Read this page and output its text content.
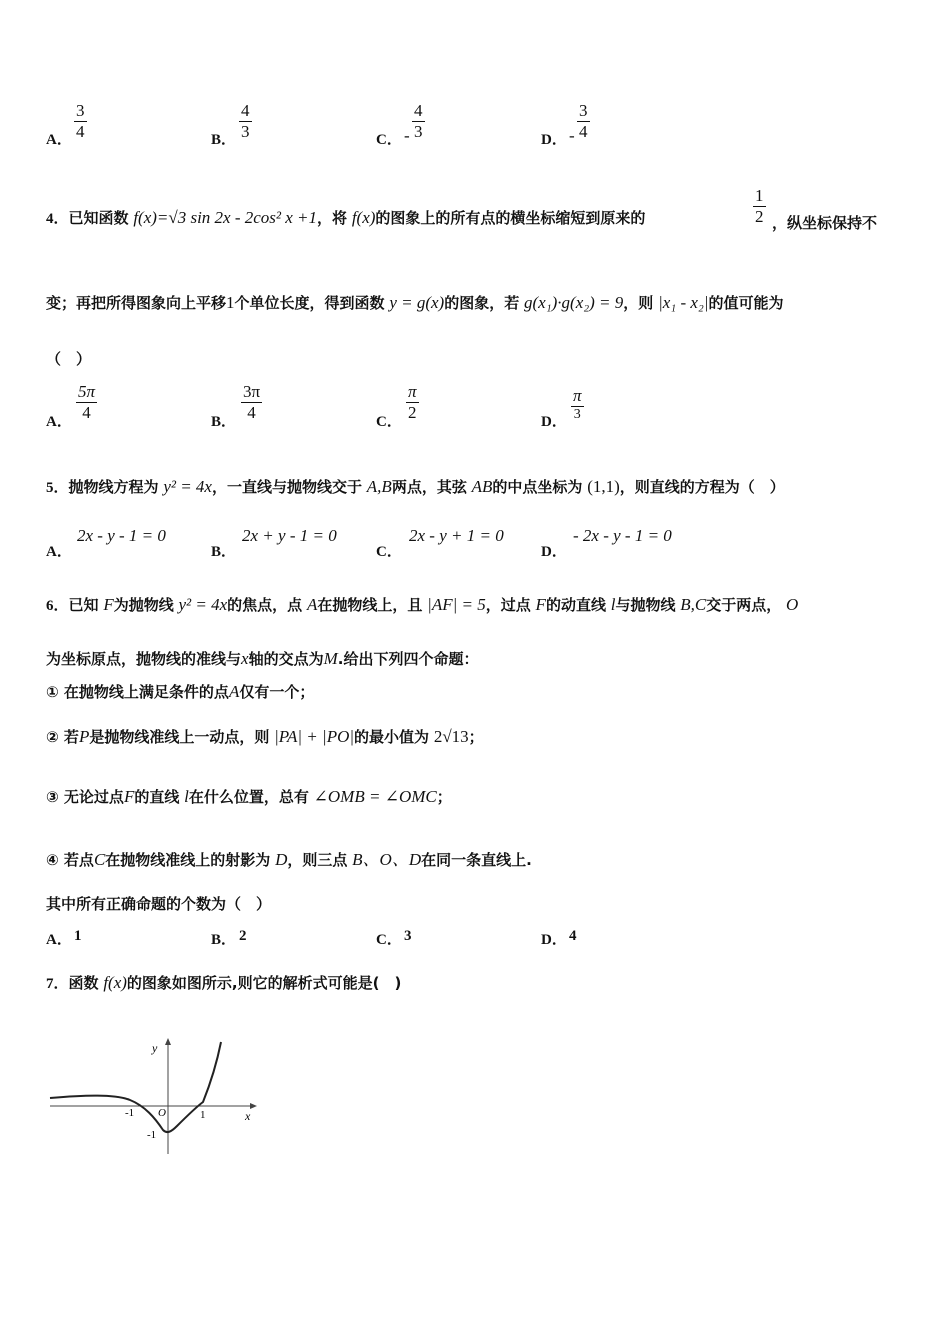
A． $\frac{3}{4}$	B． $\frac{4}{3}$	C． - $\frac{4}{3}$	D． - $\frac{3}{4}$
4．已知函数 f(x)=√3 sin 2x - 2cos² x +1，将 f(x)的图象上的所有点的横坐标缩短到原来的	$\frac{1}{2}$ ，纵坐标保持不
变；再把所得图象向上平移1个单位长度，得到函数 y = g(x)的图象，若 g(x₁)·g(x₂) = 9，则 |x₁ - x₂|的值可能为
（　）
A． $\frac{5\pi}{4}$	B． $\frac{3\pi}{4}$	C． $\frac{\pi}{2}$	D．
π
3
5．抛物线方程为 y² = 4x，一直线与抛物线交于 A,B两点，其弦 AB的中点坐标为 (1,1)，则直线的方程为（　）
A．
2x - y - 1 = 0
B．
2x + y - 1 = 0
C．
2x - y + 1 = 0
D．
- 2x - y - 1 = 0
6．已知 F为抛物线 y² = 4x的焦点，点 A在抛物线上，且 |AF| = 5，过点 F的动直线 l与抛物线 B,C交于两点， O
为坐标原点，抛物线的准线与x轴的交点为M.给出下列四个命题：
① 在抛物线上满足条件的点A仅有一个；
② 若P是抛物线准线上一动点，则 |PA| + |PO|的最小值为 2√13；
③ 无论过点F的直线 l在什么位置，总有 ∠OMB = ∠OMC；
④ 若点C在抛物线准线上的射影为 D，则三点 B、O、D在同一条直线上.
其中所有正确命题的个数为（　）
A． 1	B． 2	C． 3	D． 4
7．函数 f(x)的图象如图所示,则它的解析式可能是(　)
y
x
O
-1	1
-1
